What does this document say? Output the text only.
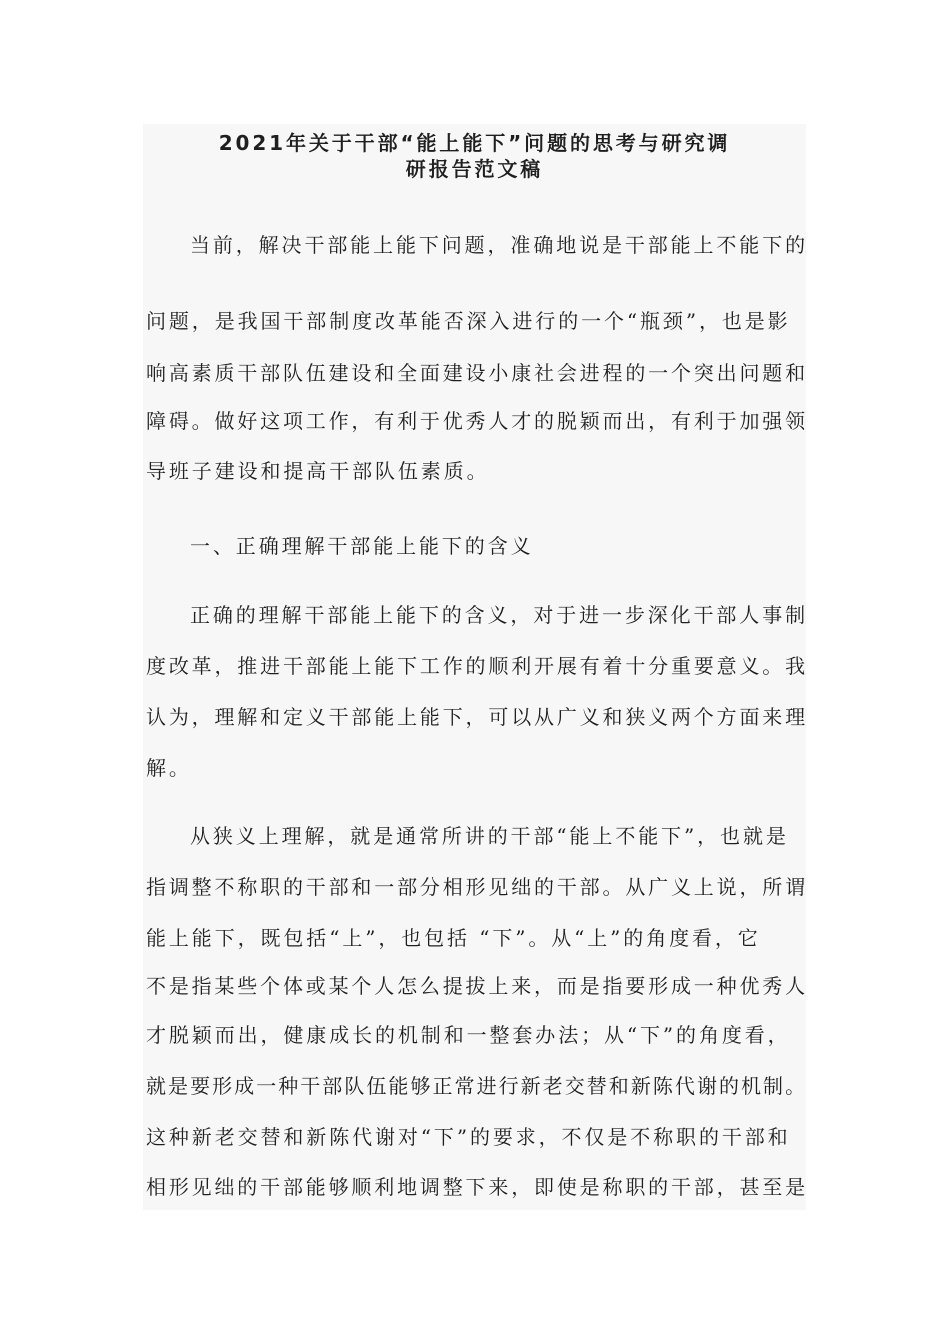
2021年关于干部“能上能下”问题的思考与研究调
研报告范文稿
当前，解决干部能上能下问题，准确地说是干部能上不能下的
问题，是我国干部制度改革能否深入进行的一个“瓶颈”，也是影
响高素质干部队伍建设和全面建设小康社会进程的一个突出问题和
障碍。做好这项工作，有利于优秀人才的脱颖而出，有利于加强领
导班子建设和提高干部队伍素质。
一、正确理解干部能上能下的含义
正确的理解干部能上能下的含义，对于进一步深化干部人事制
度改革，推进干部能上能下工作的顺利开展有着十分重要意义。我
认为，理解和定义干部能上能下，可以从广义和狭义两个方面来理
解。
从狭义上理解，就是通常所讲的干部“能上不能下”，也就是
指调整不称职的干部和一部分相形见绌的干部。从广义上说，所谓
能上能下，既包括“上”，也包括 “下”。从“上”的角度看，它
不是指某些个体或某个人怎么提拔上来，而是指要形成一种优秀人
才脱颖而出，健康成长的机制和一整套办法；从“下”的角度看，
就是要形成一种干部队伍能够正常进行新老交替和新陈代谢的机制。
这种新老交替和新陈代谢对“下”的要求，不仅是不称职的干部和
相形见绌的干部能够顺利地调整下来，即使是称职的干部，甚至是
